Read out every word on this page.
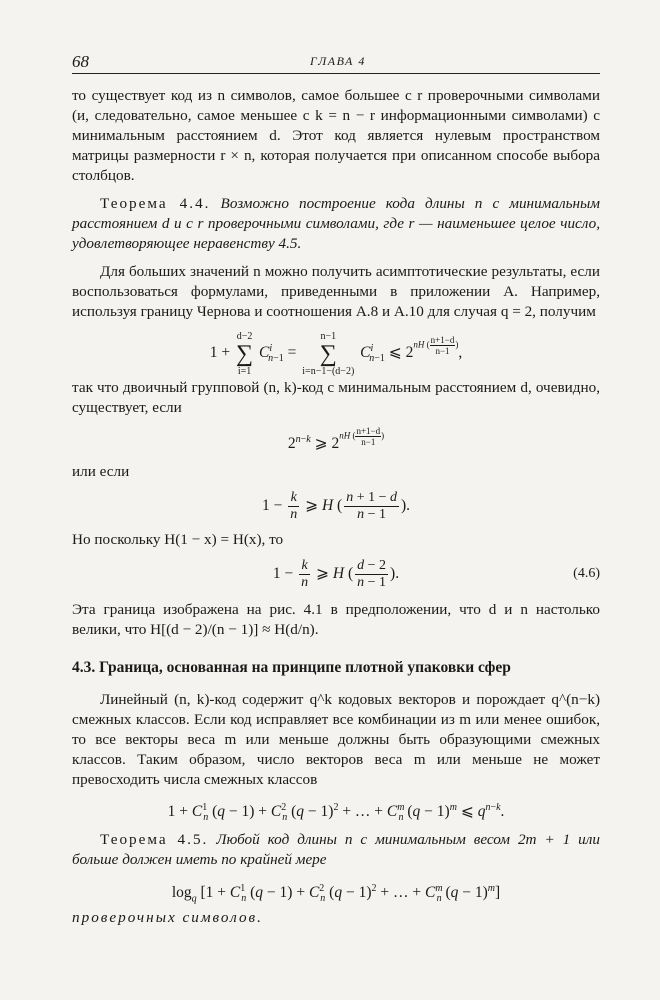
68	ГЛАВА 4

то существует код из n символов, самое большее с r проверочными символами (и, следовательно, самое меньшее с k = n − r информационными символами) с минимальным расстоянием d. Этот код является нулевым пространством матрицы размерности r × n, которая получается при описанном способе выбора столбцов.

Теорема 4.4. Возможно построение кода длины n с минимальным расстоянием d и с r проверочными символами, где r — наименьшее целое число, удовлетворяющее неравенству 4.5.

Для больших значений n можно получить асимптотические результаты, если воспользоваться формулами, приведенными в приложении А. Например, используя границу Чернова и соотношения А.8 и А.10 для случая q = 2, получим

1 +
d−2
∑
i=1
$C^i_{n-1}$ =
n−1
∑
i=n−1−(d−2)
$C^i_{n-1}$ ⩽ 2nH ( $\frac{n+1-d}{n-1}$ ),

так что двоичный групповой (n, k)-код с минимальным расстоянием d, очевидно, существует, если

$2^{n-k}$ ⩾ 2nH ( $\frac{n+1-d}{n-1}$ )

или если

$1 - \frac{k}{n}$ ⩾ H ( $\frac{n + 1 - d}{n - 1}$ ).

Но поскольку H(1 − x) = H(x), то

$1 - \frac{k}{n}$ ⩾ H ( $\frac{d - 2}{n - 1}$ ).	(4.6)

Эта граница изображена на рис. 4.1 в предположении, что d и n настолько велики, что H[(d − 2)/(n − 1)] ≈ H(d/n).

4.3. Граница, основанная на принципе плотной упаковки сфер

Линейный (n, k)-код содержит q^k кодовых векторов и порождает q^(n−k) смежных классов. Если код исправляет все комбинации из m или менее ошибок, то все векторы веса m или меньше должны быть образующими смежных классов. Таким образом, число векторов веса m или меньше не может превосходить числа смежных классов

$1 + C^1_n$ $(q - 1) + C^2_n$ $(q - 1)^2$ + … + $C^m_n$ $(q - 1)^m$ ⩽ $q^{n-k}$.

Теорема 4.5. Любой код длины n с минимальным весом 2m + 1 или больше должен иметь по крайней мере

$\log_q [1 + C^1_n$ $(q - 1) + C^2_n$ $(q - 1)^2$ + … + $C^m_n$ $(q - 1)^m$]

проверочных символов.
